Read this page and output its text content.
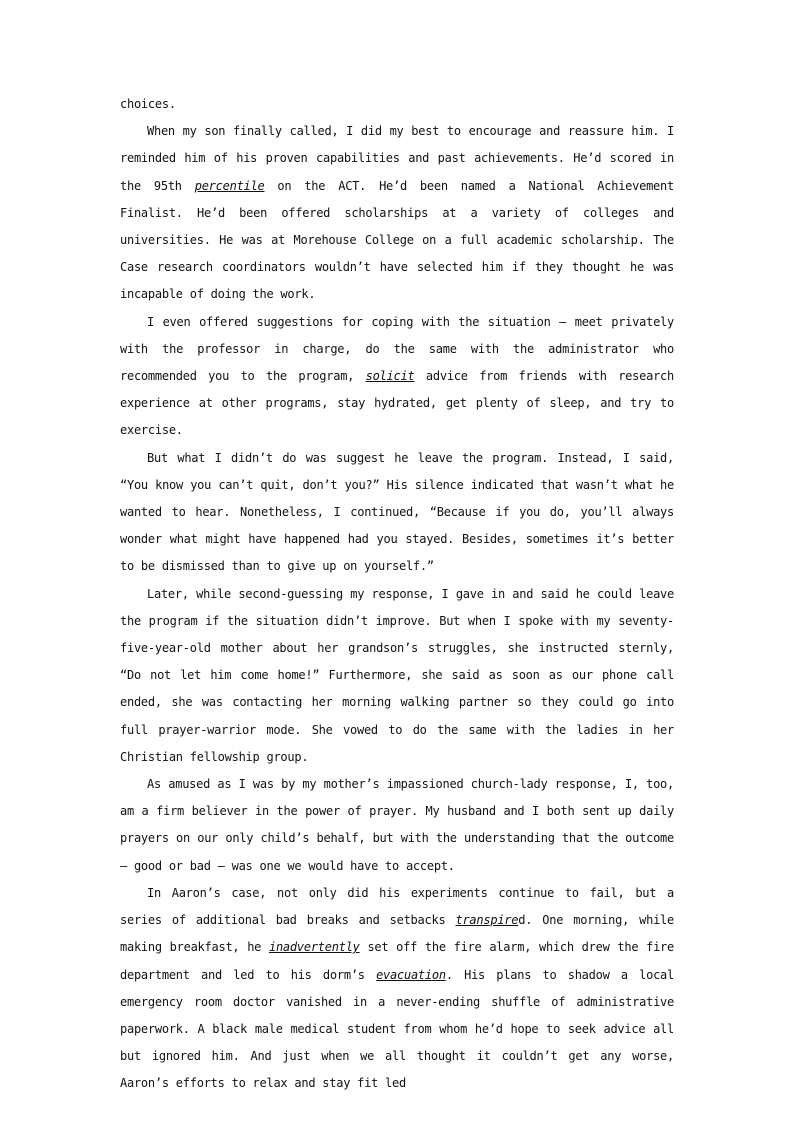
choices.

When my son finally called, I did my best to encourage and reassure him. I reminded him of his proven capabilities and past achievements. He’d scored in the 95th percentile on the ACT. He’d been named a National Achievement Finalist. He’d been offered scholarships at a variety of colleges and universities. He was at Morehouse College on a full academic scholarship. The Case research coordinators wouldn’t have selected him if they thought he was incapable of doing the work.

I even offered suggestions for coping with the situation — meet privately with the professor in charge, do the same with the administrator who recommended you to the program, solicit advice from friends with research experience at other programs, stay hydrated, get plenty of sleep, and try to exercise.

But what I didn’t do was suggest he leave the program. Instead, I said, “You know you can’t quit, don’t you?” His silence indicated that wasn’t what he wanted to hear. Nonetheless, I continued, “Because if you do, you’ll always wonder what might have happened had you stayed. Besides, sometimes it’s better to be dismissed than to give up on yourself.”

Later, while second-guessing my response, I gave in and said he could leave the program if the situation didn’t improve. But when I spoke with my seventy-five-year-old mother about her grandson’s struggles, she instructed sternly, “Do not let him come home!” Furthermore, she said as soon as our phone call ended, she was contacting her morning walking partner so they could go into full prayer-warrior mode. She vowed to do the same with the ladies in her Christian fellowship group.

As amused as I was by my mother’s impassioned church-lady response, I, too, am a firm believer in the power of prayer. My husband and I both sent up daily prayers on our only child’s behalf, but with the understanding that the outcome — good or bad — was one we would have to accept.

In Aaron’s case, not only did his experiments continue to fail, but a series of additional bad breaks and setbacks transpired. One morning, while making breakfast, he inadvertently set off the fire alarm, which drew the fire department and led to his dorm’s evacuation. His plans to shadow a local emergency room doctor vanished in a never-ending shuffle of administrative paperwork. A black male medical student from whom he’d hope to seek advice all but ignored him. And just when we all thought it couldn’t get any worse, Aaron’s efforts to relax and stay fit led
